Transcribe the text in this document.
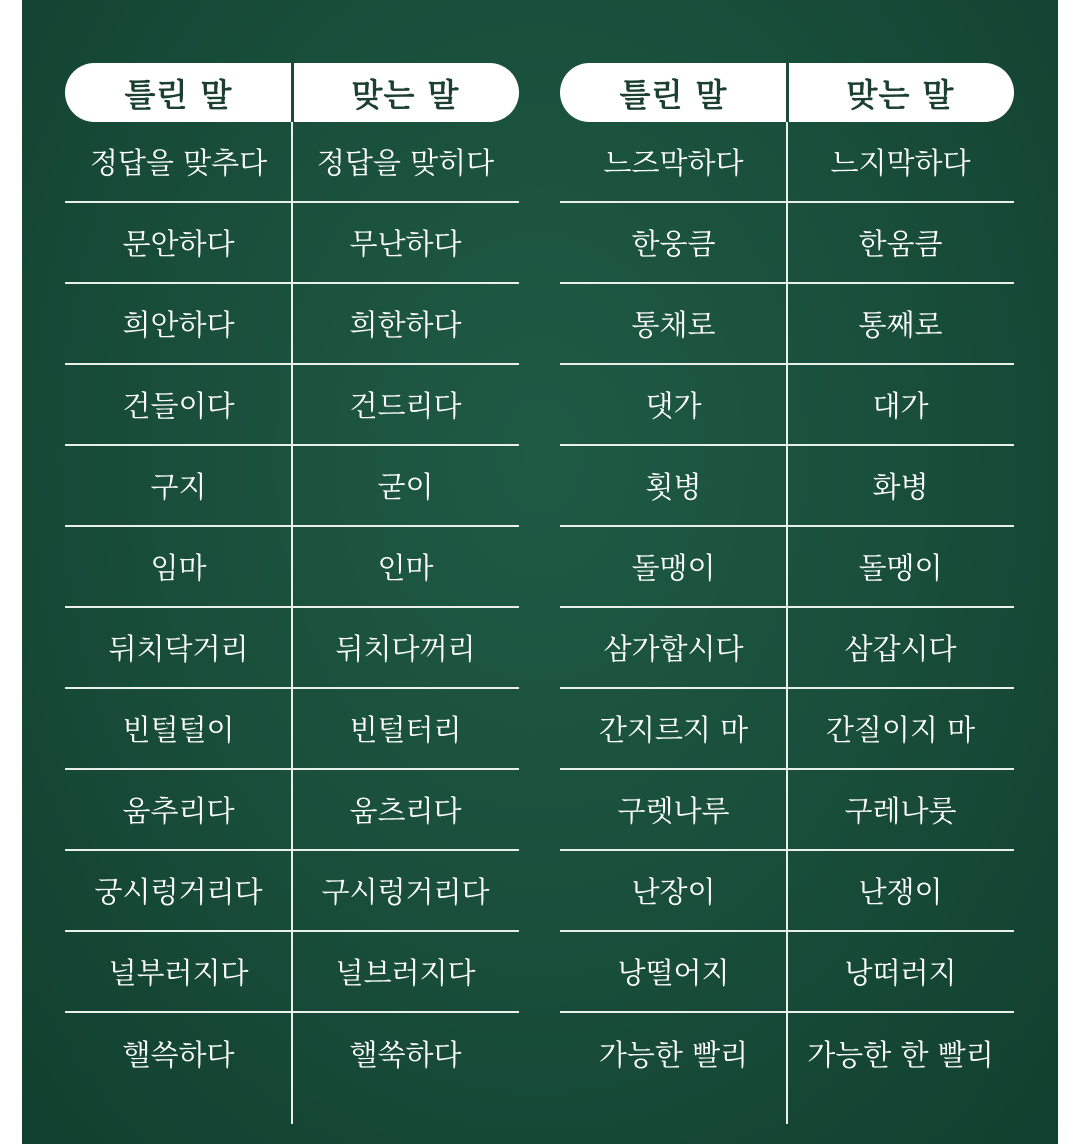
틀린 말	맞는 말
정답을 맞추다	정답을 맞히다
문안하다	무난하다
희안하다	희한하다
건들이다	건드리다
구지	굳이
임마	인마
뒤치닥거리	뒤치다꺼리
빈털털이	빈털터리
움추리다	움츠리다
궁시렁거리다	구시렁거리다
널부러지다	널브러지다
핼쓱하다	핼쑥하다
틀린 말	맞는 말
느즈막하다	느지막하다
한웅큼	한움큼
통채로	통째로
댓가	대가
횟병	화병
돌맹이	돌멩이
삼가합시다	삼갑시다
간지르지 마	간질이지 마
구렛나루	구레나룻
난장이	난쟁이
낭떨어지	낭떠러지
가능한 빨리	가능한 한 빨리
